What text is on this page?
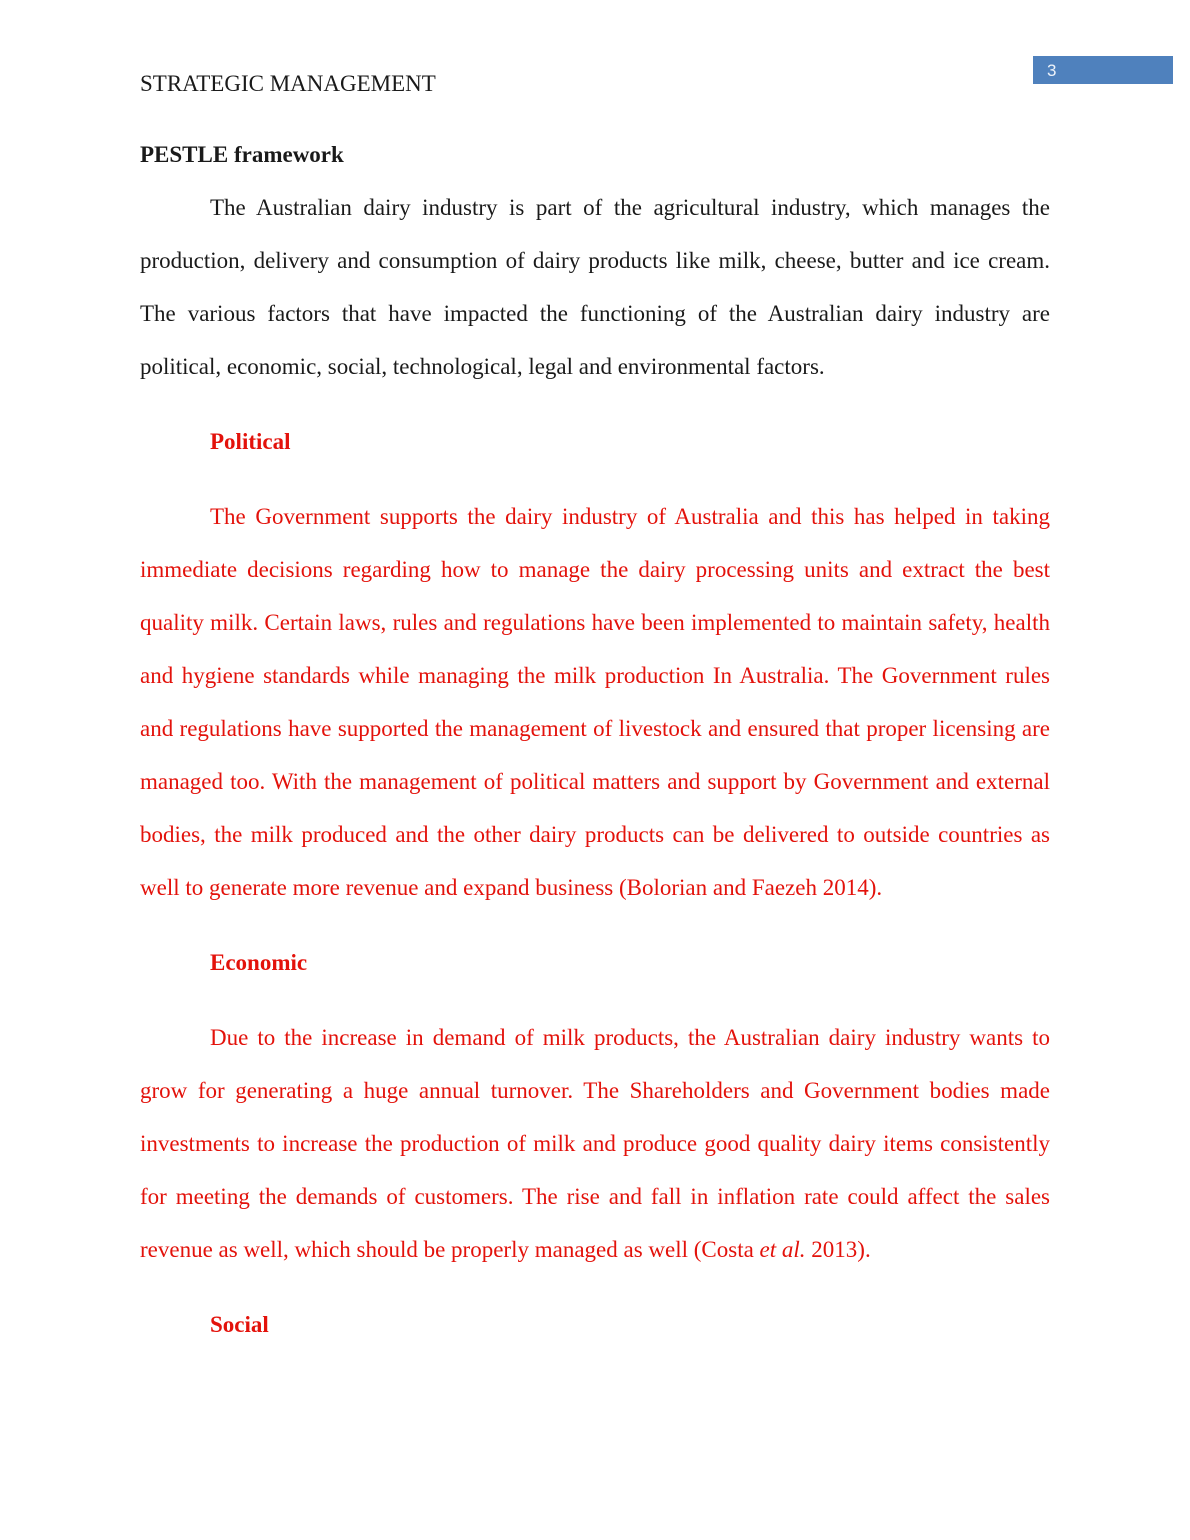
STRATEGIC MANAGEMENT
3
PESTLE framework

The Australian dairy industry is part of the agricultural industry, which manages the production, delivery and consumption of dairy products like milk, cheese, butter and ice cream. The various factors that have impacted the functioning of the Australian dairy industry are political, economic, social, technological, legal and environmental factors.

Political

The Government supports the dairy industry of Australia and this has helped in taking immediate decisions regarding how to manage the dairy processing units and extract the best quality milk. Certain laws, rules and regulations have been implemented to maintain safety, health and hygiene standards while managing the milk production In Australia. The Government rules and regulations have supported the management of livestock and ensured that proper licensing are managed too. With the management of political matters and support by Government and external bodies, the milk produced and the other dairy products can be delivered to outside countries as well to generate more revenue and expand business (Bolorian and Faezeh 2014).

Economic

Due to the increase in demand of milk products, the Australian dairy industry wants to grow for generating a huge annual turnover. The Shareholders and Government bodies made investments to increase the production of milk and produce good quality dairy items consistently for meeting the demands of customers. The rise and fall in inflation rate could affect the sales revenue as well, which should be properly managed as well (Costa et al. 2013).

Social
